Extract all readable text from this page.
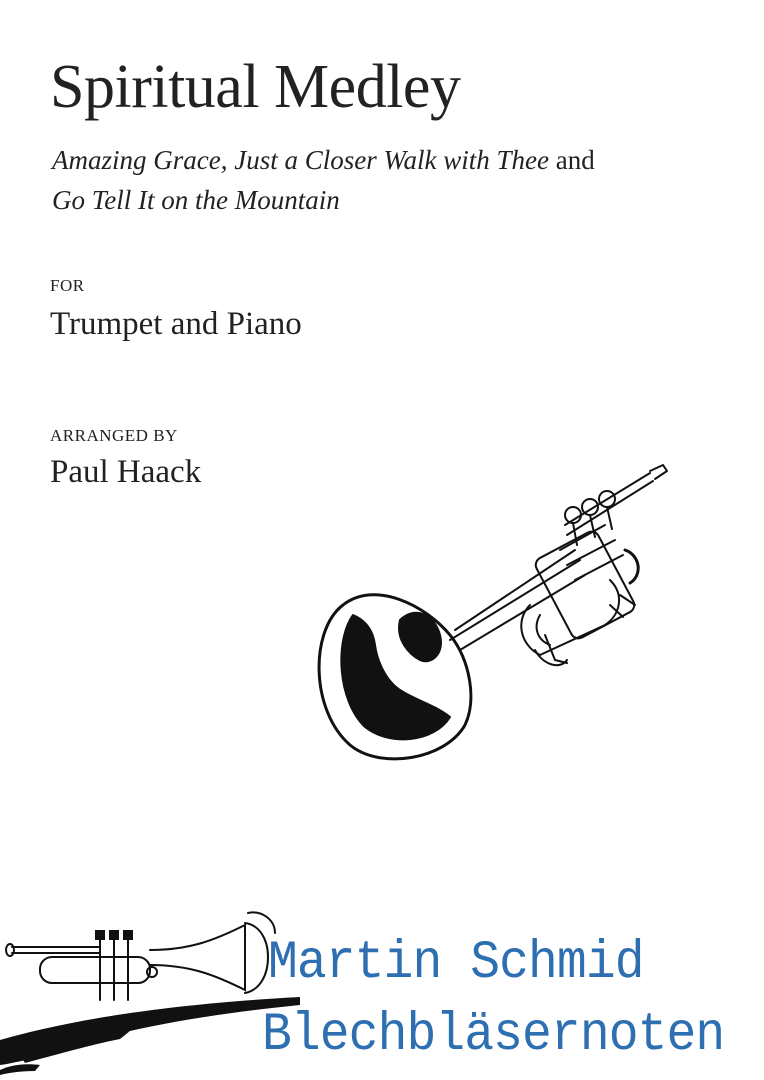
Spiritual Medley
Amazing Grace, Just a Closer Walk with Thee and
Go Tell It on the Mountain
FOR
Trumpet and Piano
ARRANGED BY
Paul Haack
Martin Schmid
Blechbläsernoten
